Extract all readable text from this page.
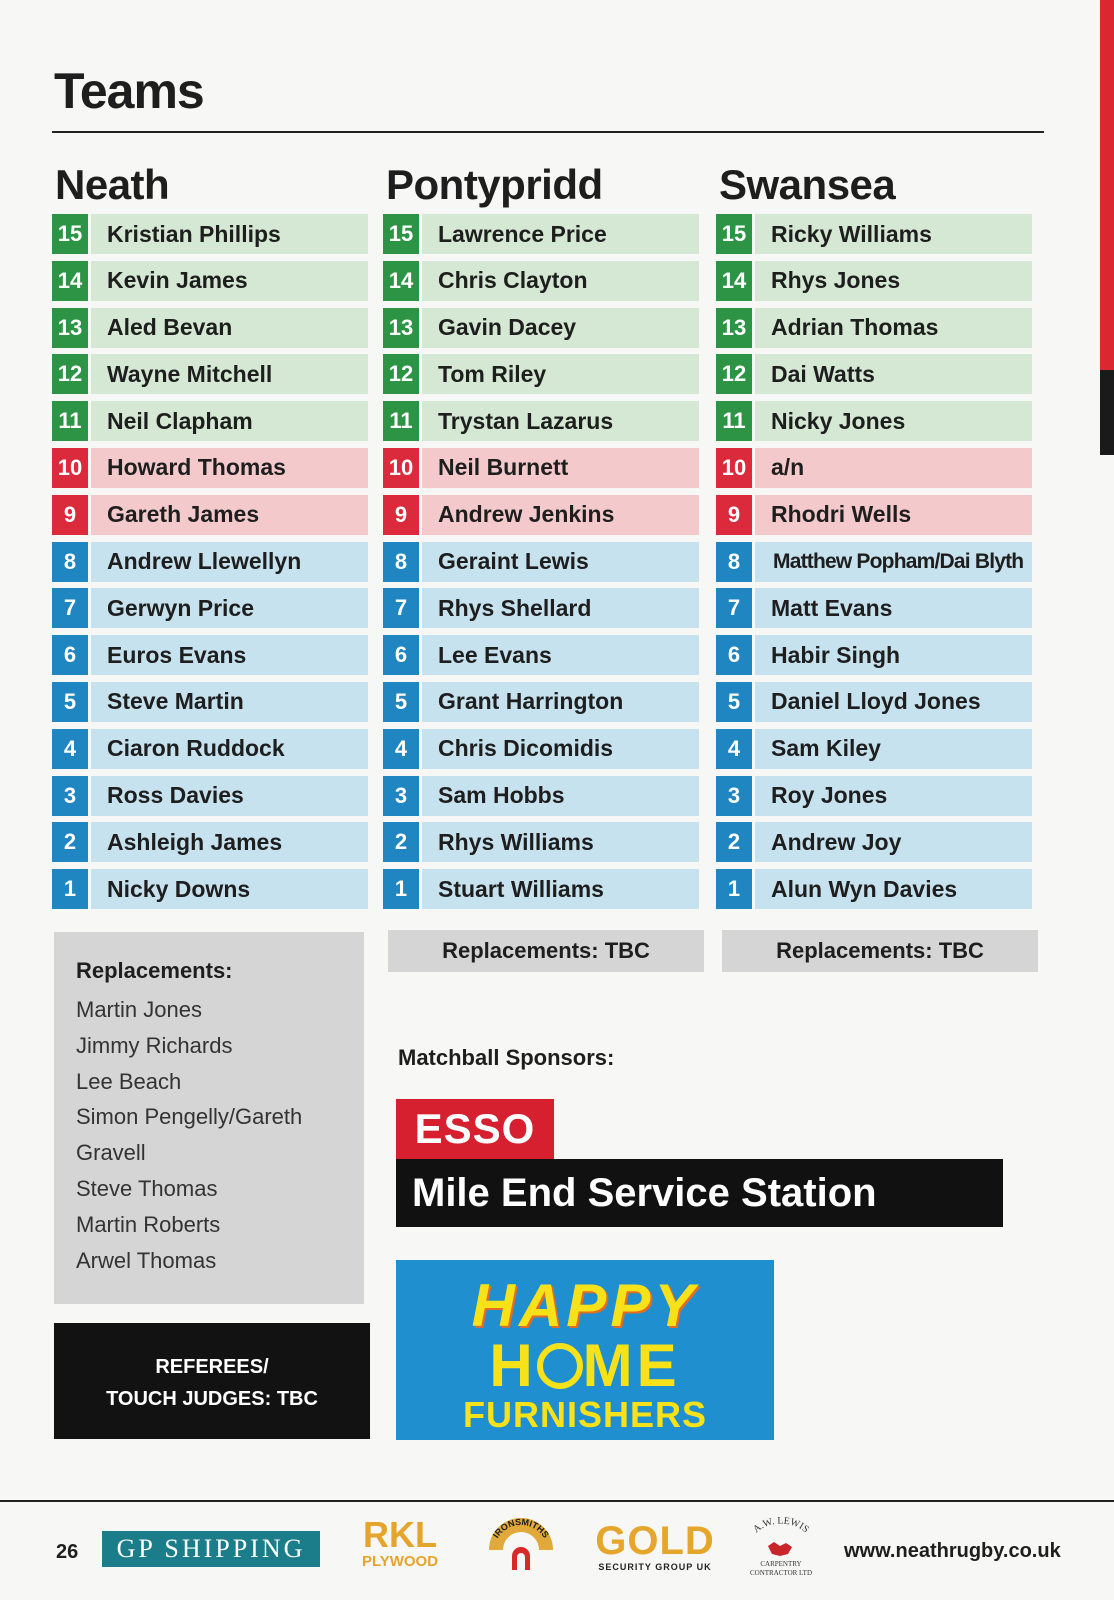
Teams
Neath
15	Kristian Phillips
14	Kevin James
13	Aled Bevan
12	Wayne Mitchell
11	Neil Clapham
10	Howard Thomas
9	Gareth James
8	Andrew Llewellyn
7	Gerwyn Price
6	Euros Evans
5	Steve Martin
4	Ciaron Ruddock
3	Ross Davies
2	Ashleigh James
1	Nicky Downs
Pontypridd
15	Lawrence Price
14	Chris Clayton
13	Gavin Dacey
12	Tom Riley
11	Trystan Lazarus
10	Neil Burnett
9	Andrew Jenkins
8	Geraint Lewis
7	Rhys Shellard
6	Lee Evans
5	Grant Harrington
4	Chris Dicomidis
3	Sam Hobbs
2	Rhys Williams
1	Stuart Williams
Swansea
15	Ricky Williams
14	Rhys Jones
13	Adrian Thomas
12	Dai Watts
11	Nicky Jones
10	a/n
9	Rhodri Wells
8	Matthew Popham/Dai Blyth
7	Matt Evans
6	Habir Singh
5	Daniel Lloyd Jones
4	Sam Kiley
3	Roy Jones
2	Andrew Joy
1	Alun Wyn Davies
Replacements:
Martin Jones
Jimmy Richards
Lee Beach
Simon Pengelly/Gareth
Gravell
Steve Thomas
Martin Roberts
Arwel Thomas
Replacements: TBC	Replacements: TBC
REFEREES/
TOUCH JUDGES: TBC
Matchball Sponsors:
ESSO
Mile End Service Station
HAPPY
H ME
FURNISHERS
26	GP SHIPPING	RKL
PLYWOOD
IRONSMITHS GOLD
SECURITY GROUP UK
A.W. LEWIS
CARPENTRY
CONTRACTOR LTD
www.neathrugby.co.uk
